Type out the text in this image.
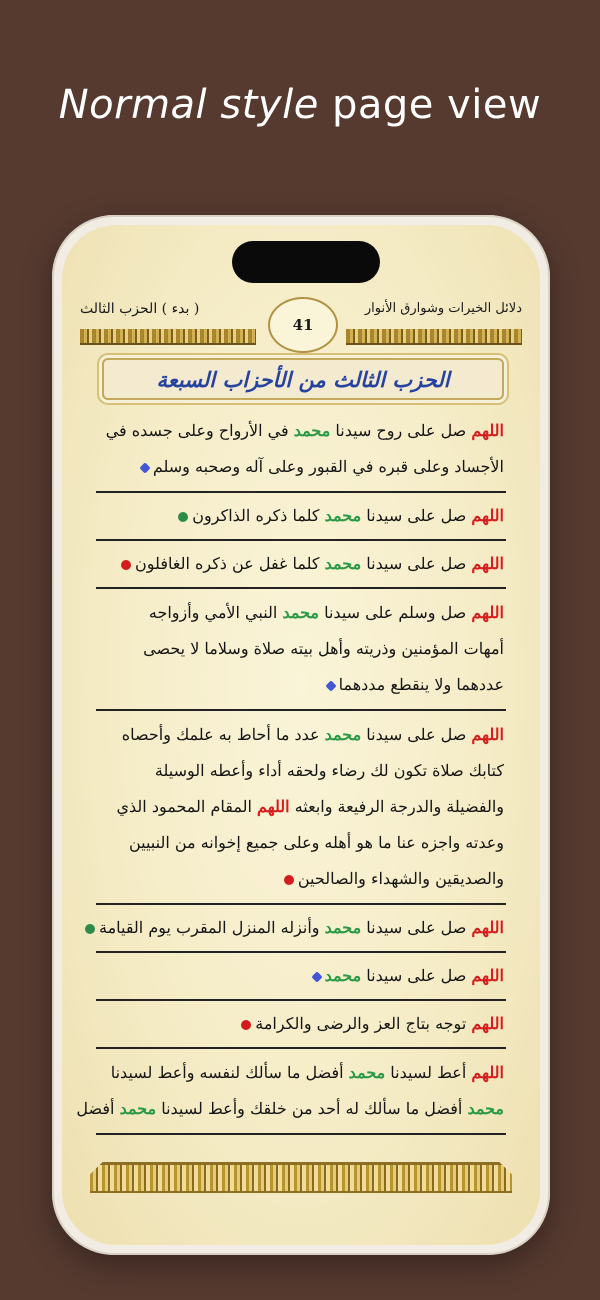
Normal style page view
( بدء ) الحزب الثالث	دلائل الخيرات وشوارق الأنوار
41
الحزب الثالث من الأحزاب السبعة
اللهم صل على روح سيدنا محمد في الأرواح وعلى جسده في
الأجساد وعلى قبره في القبور وعلى آله وصحبه وسلم
اللهم صل على سيدنا محمد كلما ذكره الذاكرون
اللهم صل على سيدنا محمد كلما غفل عن ذكره الغافلون
اللهم صل وسلم على سيدنا محمد النبي الأمي وأزواجه
أمهات المؤمنين وذريته وأهل بيته صلاة وسلاما لا يحصى
عددهما ولا ينقطع مددهما
اللهم صل على سيدنا محمد عدد ما أحاط به علمك وأحصاه
كتابك صلاة تكون لك رضاء ولحقه أداء وأعطه الوسيلة
والفضيلة والدرجة الرفيعة وابعثه اللهم المقام المحمود الذي
وعدته واجزه عنا ما هو أهله وعلى جميع إخوانه من النبيين
والصديقين والشهداء والصالحين
اللهم صل على سيدنا محمد وأنزله المنزل المقرب يوم القيامة
اللهم صل على سيدنا محمد
اللهم توجه بتاج العز والرضى والكرامة
اللهم أعط لسيدنا محمد أفضل ما سألك لنفسه وأعط لسيدنا
محمد أفضل ما سألك له أحد من خلقك وأعط لسيدنا محمد أفضل
